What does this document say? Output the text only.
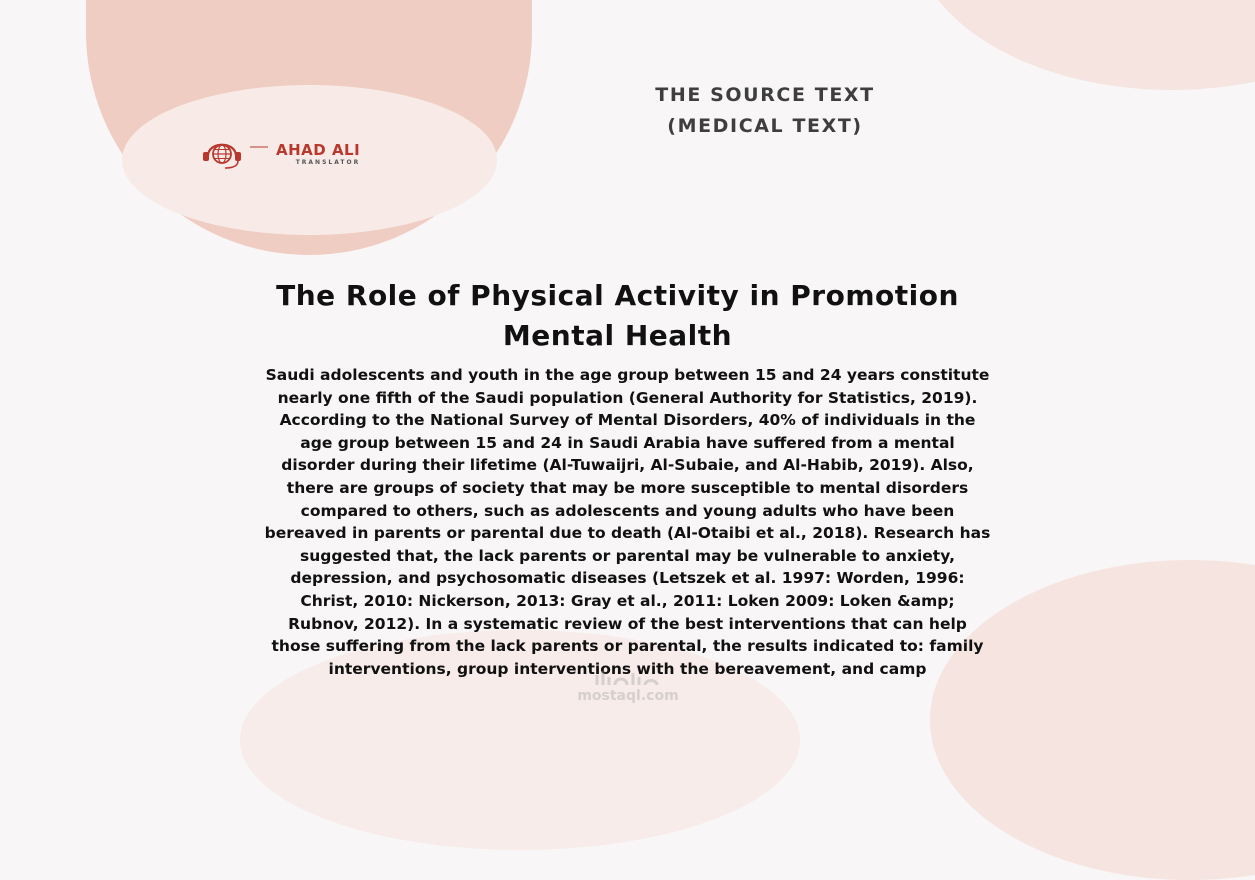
AHAD ALI
TRANSLATOR
THE SOURCE TEXT
(MEDICAL TEXT)
The Role of Physical Activity in Promotion
Mental Health

Saudi adolescents and youth in the age group between 15 and 24 years constitute
nearly one fifth of the Saudi population (General Authority for Statistics, 2019).
According to the National Survey of Mental Disorders, 40% of individuals in the
age group between 15 and 24 in Saudi Arabia have suffered from a mental
disorder during their lifetime (Al-Tuwaijri, Al-Subaie, and Al-Habib, 2019). Also,
there are groups of society that may be more susceptible to mental disorders
compared to others, such as adolescents and young adults who have been
bereaved in parents or parental due to death (Al-Otaibi et al., 2018). Research has
suggested that, the lack parents or parental may be vulnerable to anxiety,
depression, and psychosomatic diseases (Letszek et al. 1997: Worden, 1996:
Christ, 2010: Nickerson, 2013: Gray et al., 2011: Loken 2009: Loken &amp;
Rubnov, 2012). In a systematic review of the best interventions that can help
those suffering from the lack parents or parental, the results indicated to: family
interventions, group interventions with the bereavement, and camp

mostaql.com
